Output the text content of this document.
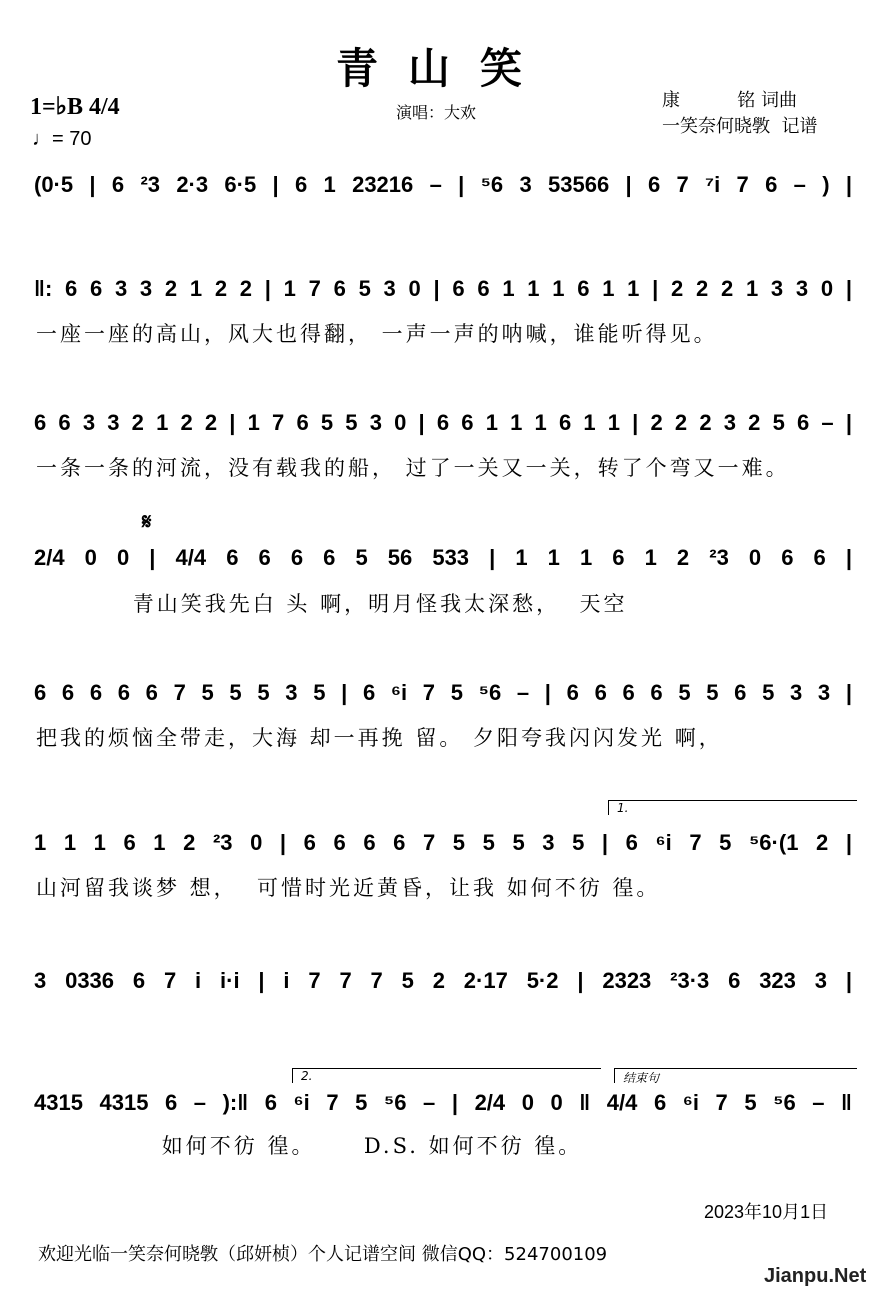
青山笑
1=♭B 4/4
♩= 70
演唱：大欢
康          铭 词曲
一笑奈何晓斆  记谱
(0·5 | 6 ²3 2·3 6·5 | 6 1 23216 – | ⁵6 3 53566 | 6 7 ⁷i 7 6 – ) |
‖: 6 6 3 3 2 1 2 2 | 1 7 6 5 3 0 | 6 6 1 1 1 6 1 1 | 2 2 2 1 3 3 0 |
一座一座的高山，风大也得翻， 一声一声的呐喊，谁能听得见。
6 6 3 3 2 1 2 2 | 1 7 6 5 5 3 0 | 6 6 1 1 1 6 1 1 | 2 2 2 3 2 5 6 – |
一条一条的河流，没有载我的船， 过了一关又一关，转了个弯又一难。
𝄋
2/4 0 0 | 4/4 6 6 6 6 5 56 533 | 1 1 1 6 1 2 ²3 0 6 6 |
青山笑我先白 头 啊，明月怪我太深愁，  天空
6 6 6 6 6 7 5 5 5 3 5 | 6 ⁶i 7 5 ⁵6 – | 6 6 6 6 5 5 6 5 3 3 |
把我的烦恼全带走，大海 却一再挽 留。 夕阳夸我闪闪发光 啊，
1.
1 1 1 6 1 2 ²3 0 | 6 6 6 6 7 5 5 5 3 5 | 6 ⁶i 7 5 ⁵6·(1 2 |
山河留我谈梦 想，  可惜时光近黄昏，让我 如何不彷 徨。
3 0336 6 7 i i·i | i 7 7 7 5 2 2·17 5·2 | 2323 ²3·3 6 323 3 |
2.	结束句
4315 4315 6 – ):‖ 6 ⁶i 7 5 ⁵6 – | 2/4 0 0 ‖ 4/4 6 ⁶i 7 5 ⁵6 – ‖
如何不彷 徨。     D.S. 如何不彷 徨。
2023年10月1日
欢迎光临一笑奈何晓斆（邱妍桢）个人记谱空间 微信QQ：524700109
Jianpu.Net
